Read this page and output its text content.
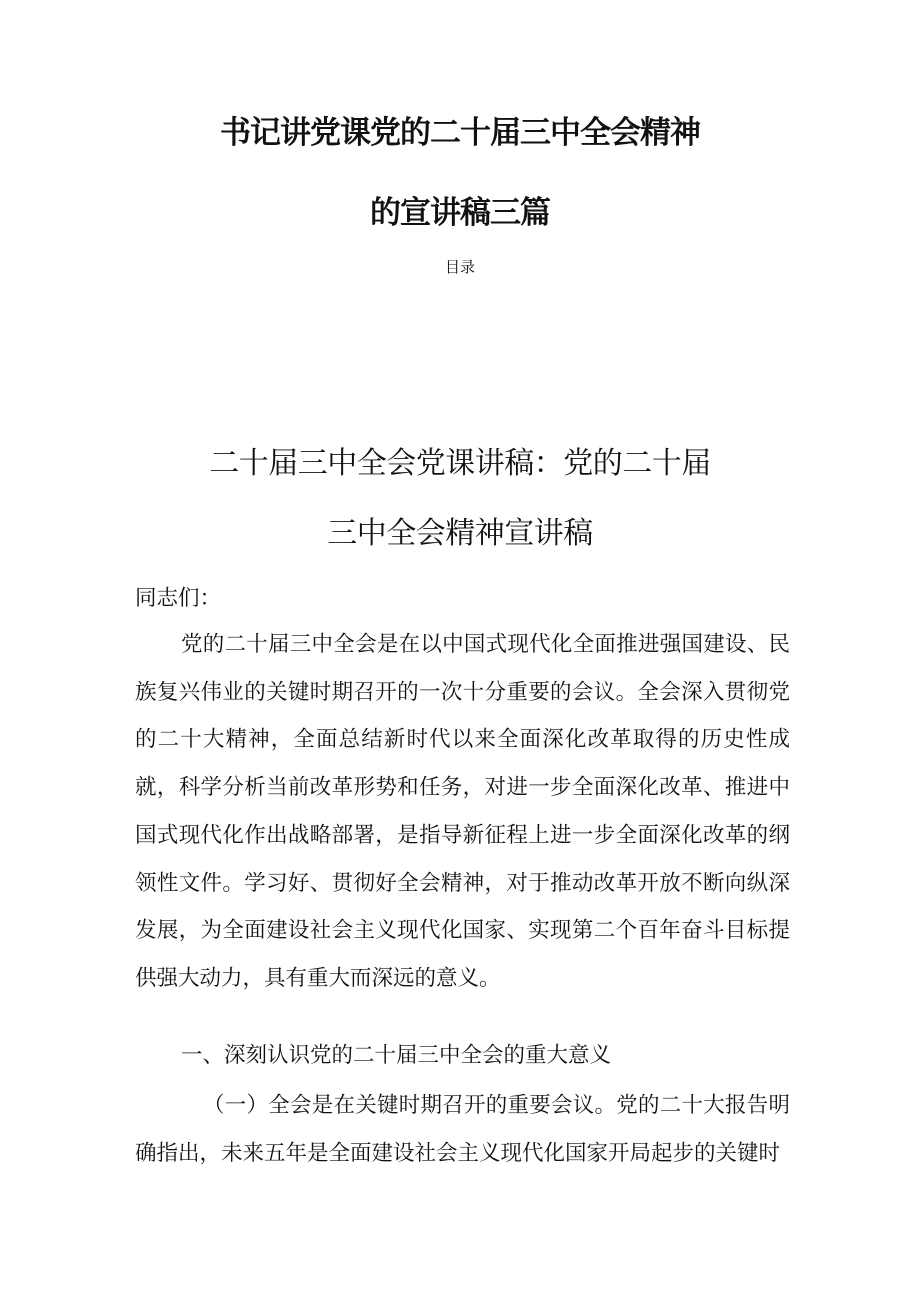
书记讲党课党的二十届三中全会精神
的宣讲稿三篇
目录
二十届三中全会党课讲稿：党的二十届
三中全会精神宣讲稿

同志们：

党的二十届三中全会是在以中国式现代化全面推进强国建设、民族复兴伟业的关键时期召开的一次十分重要的会议。全会深入贯彻党的二十大精神，全面总结新时代以来全面深化改革取得的历史性成就，科学分析当前改革形势和任务，对进一步全面深化改革、推进中国式现代化作出战略部署，是指导新征程上进一步全面深化改革的纲领性文件。学习好、贯彻好全会精神，对于推动改革开放不断向纵深发展，为全面建设社会主义现代化国家、实现第二个百年奋斗目标提供强大动力，具有重大而深远的意义。

一、深刻认识党的二十届三中全会的重大意义

（一）全会是在关键时期召开的重要会议。党的二十大报告明确指出，未来五年是全面建设社会主义现代化国家开局起步的关键时
